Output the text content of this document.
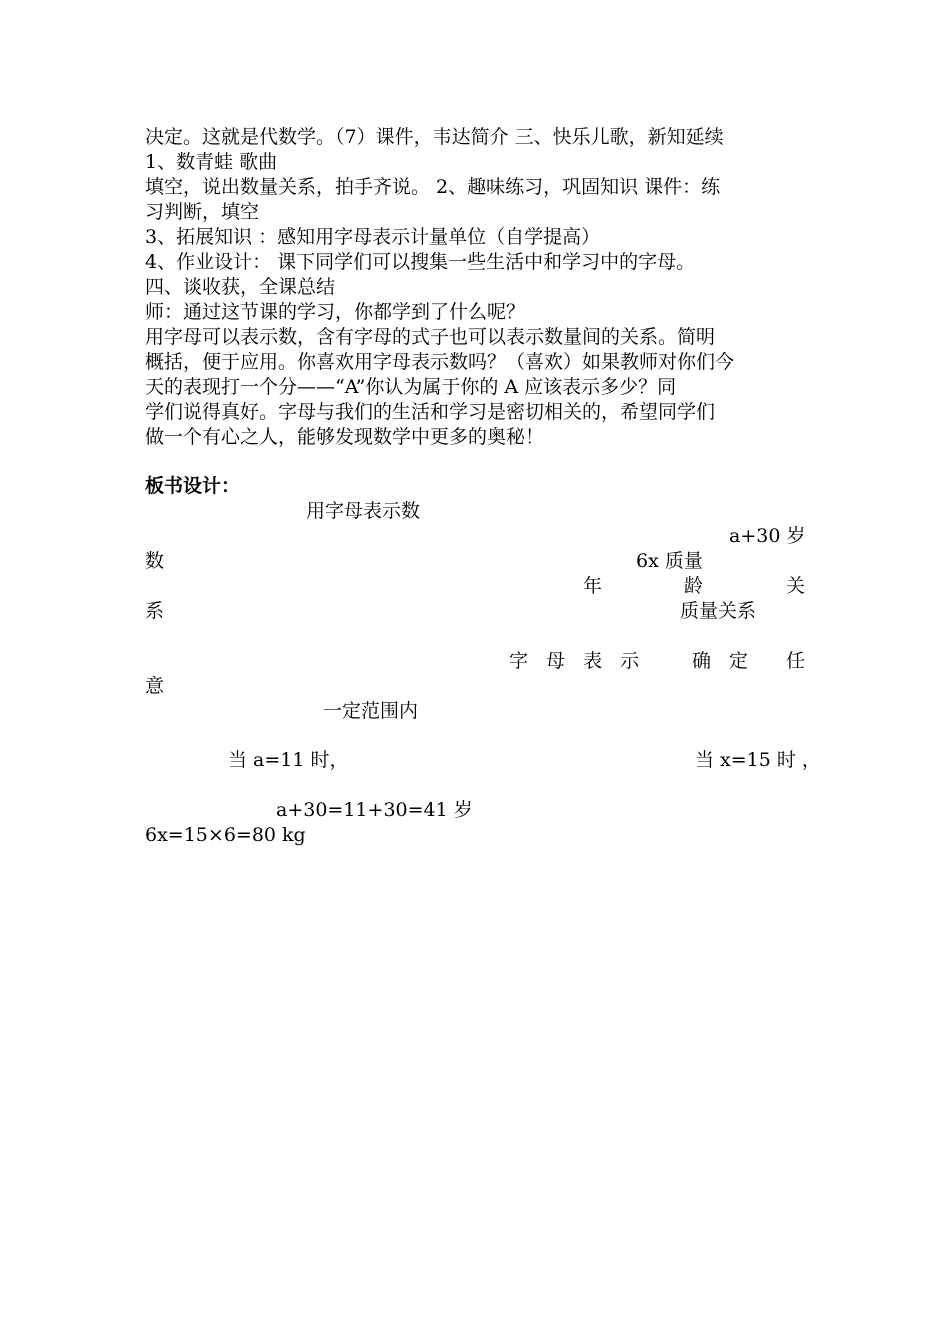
决定。这就是代数学。（7）课件，韦达简介 三、快乐儿歌，新知延续
1、数青蛙 歌曲
填空，说出数量关系，拍手齐说。 2、趣味练习，巩固知识 课件：练
习判断，填空
3、拓展知识 ：感知用字母表示计量单位（自学提高）
4、作业设计： 课下同学们可以搜集一些生活中和学习中的字母。
四、谈收获，全课总结
师：通过这节课的学习，你都学到了什么呢？
用字母可以表示数，含有字母的式子也可以表示数量间的关系。简明
概括，便于应用。你喜欢用字母表示数吗？（喜欢）如果教师对你们今
天的表现打一个分——“A”你认为属于你的 A 应该表示多少？同
学们说得真好。字母与我们的生活和学习是密切相关的，希望同学们
做一个有心之人，能够发现数学中更多的奥秘！
板书设计：
用字母表示数
a+30 岁
数	6x 质量
年	龄	关
系	质量关系
字 母 表 示 确 定 任
意
一定范围内
当 a=11 时，	当 x=15 时 ，
a+30=11+30=41 岁
6x=15×6=80 kg
